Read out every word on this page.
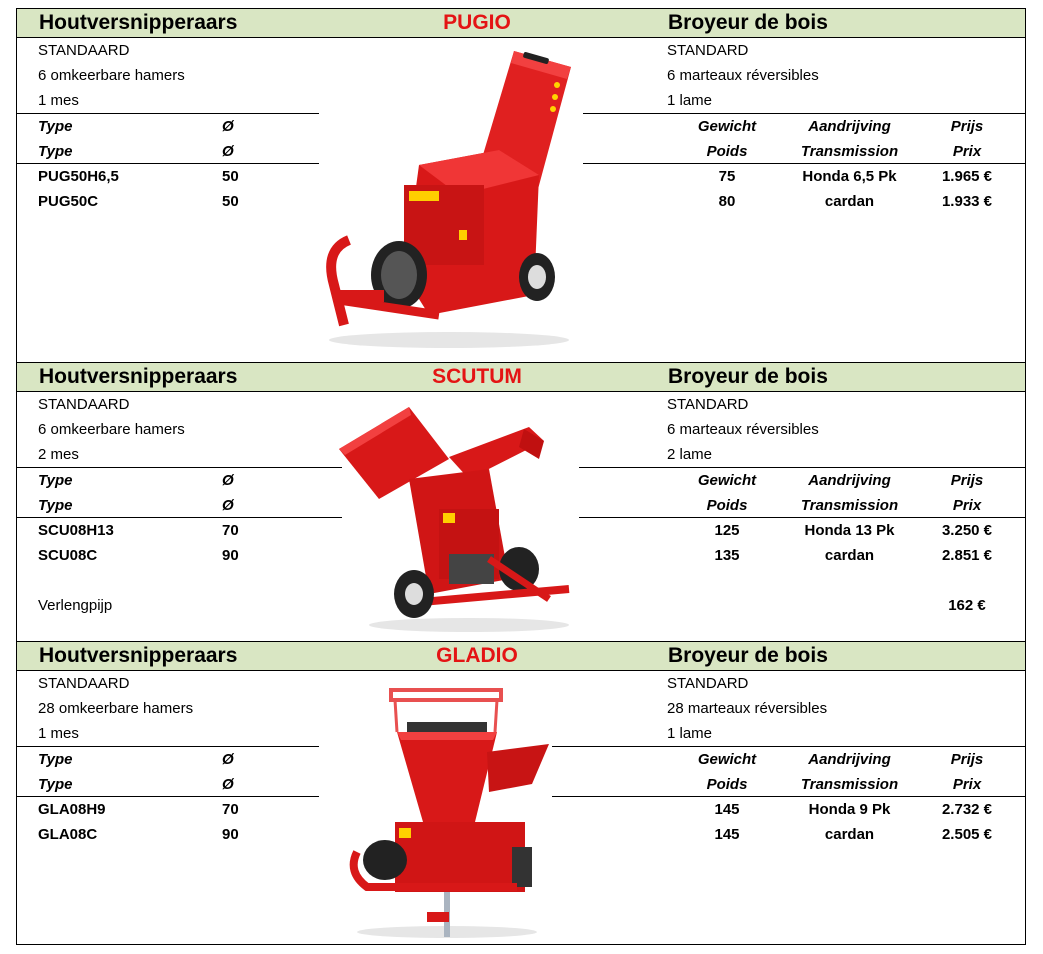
Houtversnipperaars	PUGIO	Broyeur de bois
STANDAARD
6 omkeerbare hamers
1 mes
STANDARD
6 marteaux réversibles
1 lame
Type	Ø	Gewicht	Aandrijving	Prijs
Type	Ø	Poids	Transmission	Prix
PUG50H6,5	50	75	Honda 6,5 Pk	1.965 €
PUG50C	50	80	cardan	1.933 €
Houtversnipperaars	SCUTUM	Broyeur de bois
STANDAARD
6 omkeerbare hamers
2 mes
STANDARD
6 marteaux réversibles
2 lame
Type	Ø	Gewicht	Aandrijving	Prijs
Type	Ø	Poids	Transmission	Prix
SCU08H13	70	125	Honda 13 Pk	3.250 €
SCU08C	90	135	cardan	2.851 €
Verlengpijp	162 €
Houtversnipperaars	GLADIO	Broyeur de bois
STANDAARD
28 omkeerbare hamers
1 mes
STANDARD
28 marteaux réversibles
1 lame
Type	Ø	Gewicht	Aandrijving	Prijs
Type	Ø	Poids	Transmission	Prix
GLA08H9	70	145	Honda 9 Pk	2.732 €
GLA08C	90	145	cardan	2.505 €
